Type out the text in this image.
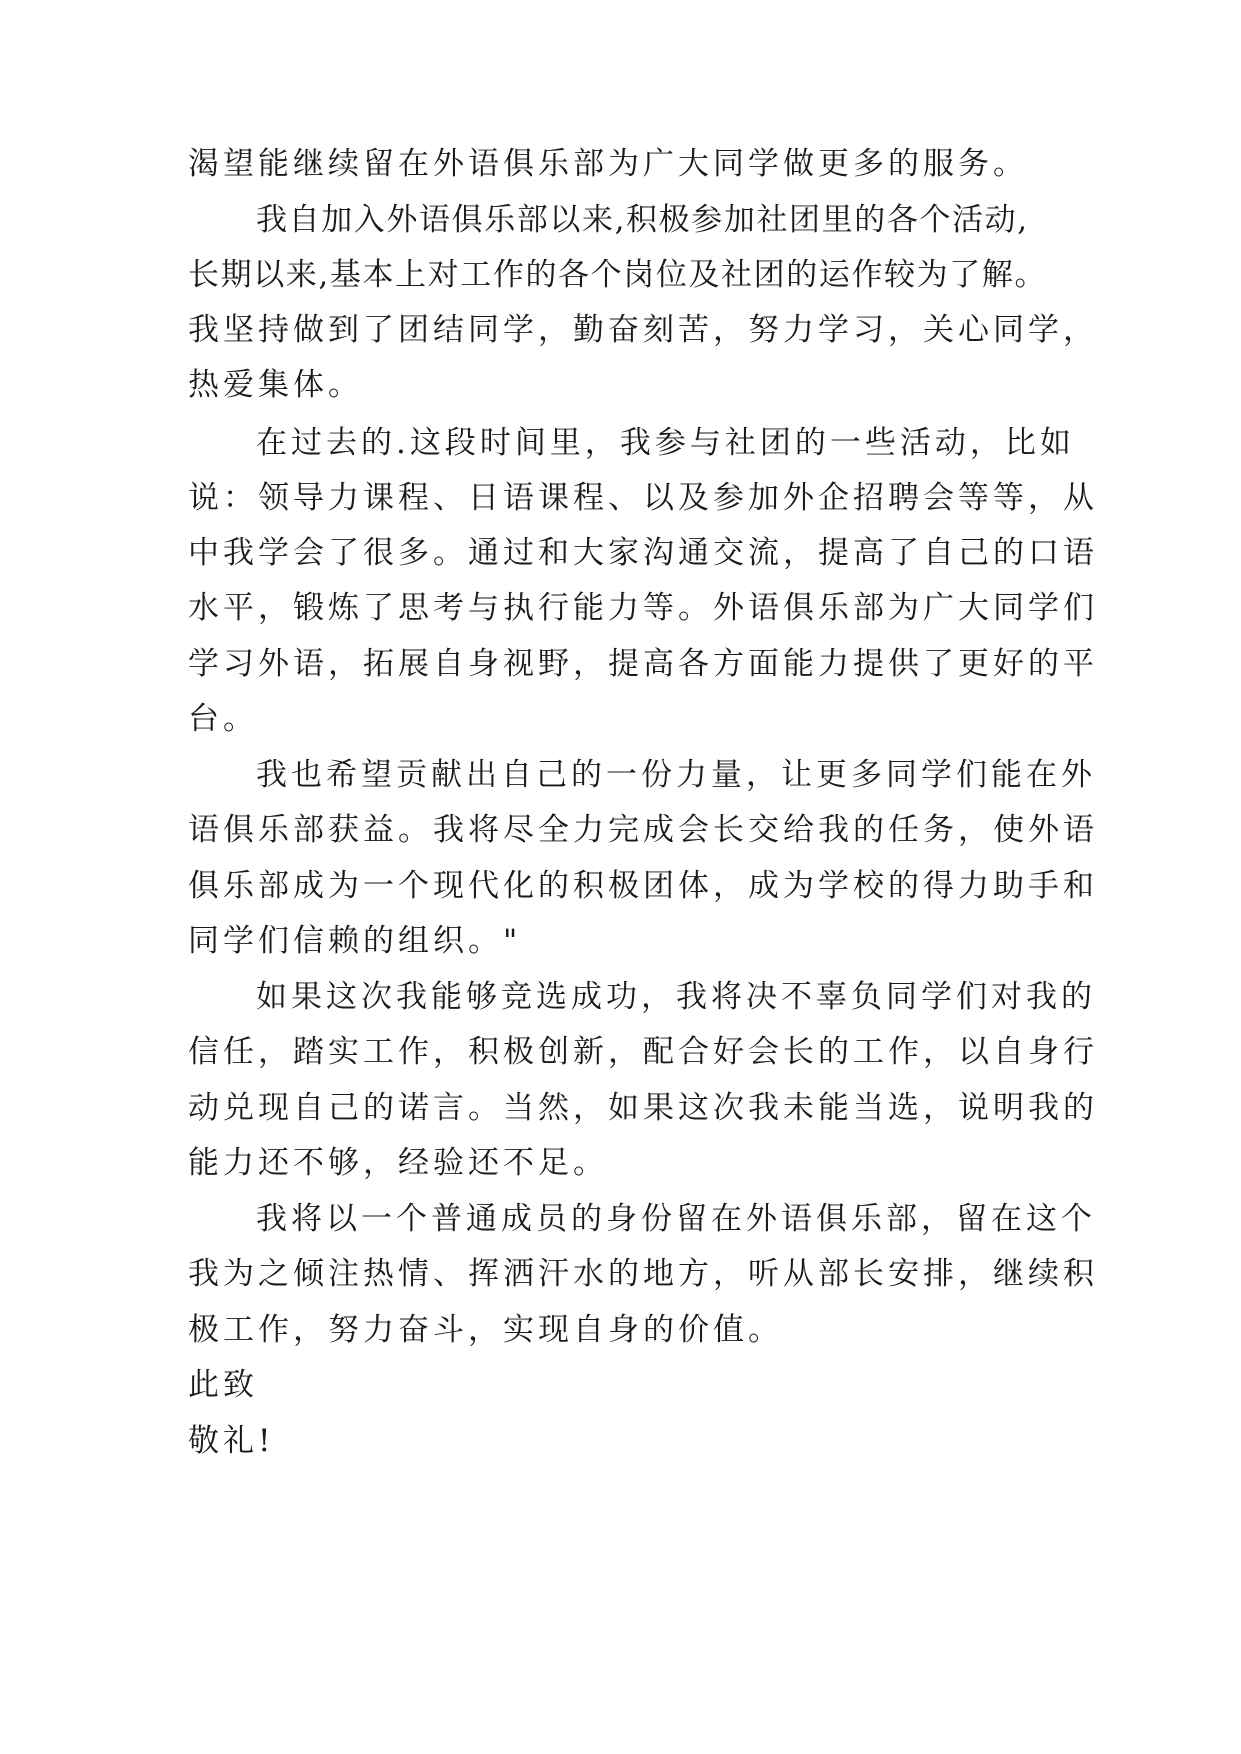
渴望能继续留在外语俱乐部为广大同学做更多的服务。
我自加入外语俱乐部以来,积极参加社团里的各个活动,
长期以来,基本上对工作的各个岗位及社团的运作较为了解。
我坚持做到了团结同学，勤奋刻苦，努力学习，关心同学，
热爱集体。
在过去的.这段时间里，我参与社团的一些活动，比如
说：领导力课程、日语课程、以及参加外企招聘会等等，从
中我学会了很多。通过和大家沟通交流，提高了自己的口语
水平，锻炼了思考与执行能力等。外语俱乐部为广大同学们
学习外语，拓展自身视野，提高各方面能力提供了更好的平
台。
我也希望贡献出自己的一份力量，让更多同学们能在外
语俱乐部获益。我将尽全力完成会长交给我的任务，使外语
俱乐部成为一个现代化的积极团体，成为学校的得力助手和
同学们信赖的组织。"
如果这次我能够竞选成功，我将决不辜负同学们对我的
信任，踏实工作，积极创新，配合好会长的工作，以自身行
动兑现自己的诺言。当然，如果这次我未能当选，说明我的
能力还不够，经验还不足。
我将以一个普通成员的身份留在外语俱乐部，留在这个
我为之倾注热情、挥洒汗水的地方，听从部长安排，继续积
极工作，努力奋斗，实现自身的价值。
此致
敬礼!
